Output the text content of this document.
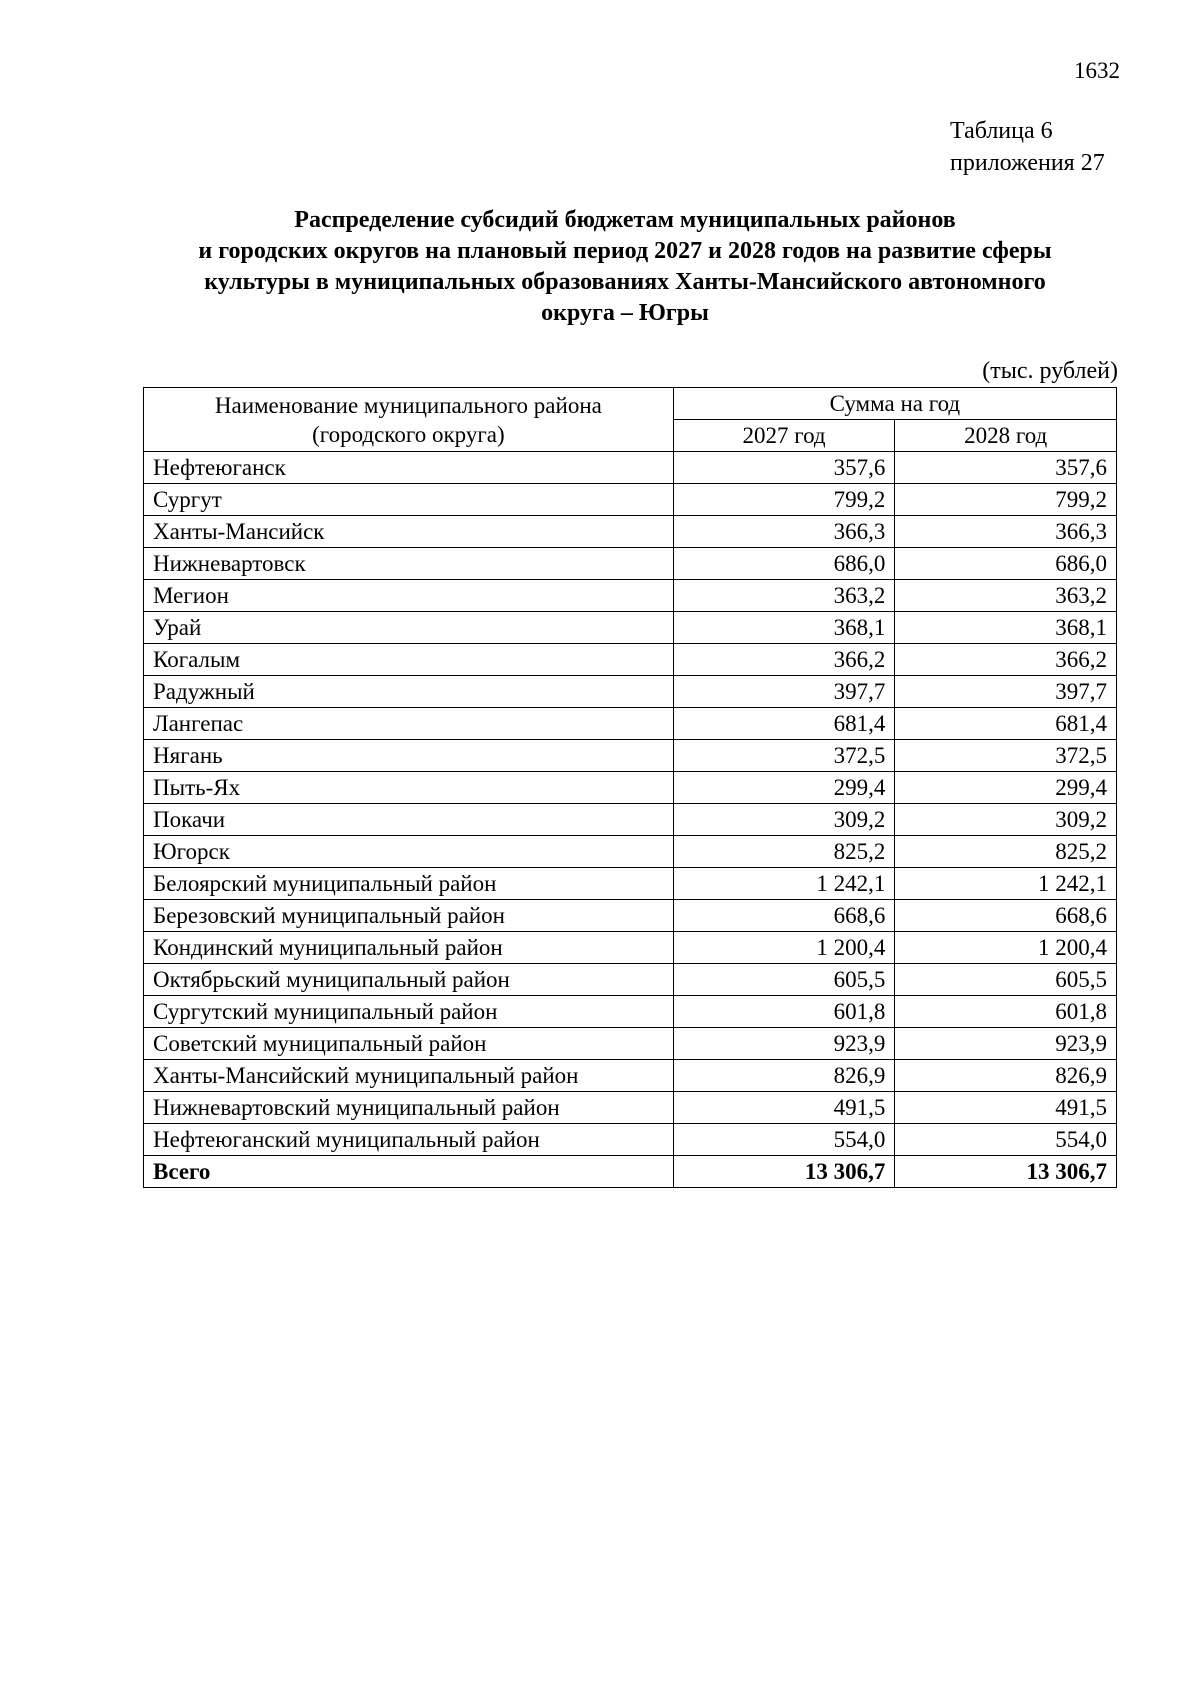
1632
Таблица 6
приложения 27
Распределение субсидий бюджетам муниципальных районов
и городских округов на плановый период 2027 и 2028 годов на развитие сферы
культуры в муниципальных образованиях Ханты-Мансийского автономного
округа – Югры
(тыс. рублей)
Наименование муниципального района
(городского округа)	Сумма на год	
	2027 год	2028 год
Нефтеюганск	357,6	357,6
Сургут	799,2	799,2
Ханты-Мансийск	366,3	366,3
Нижневартовск	686,0	686,0
Мегион	363,2	363,2
Урай	368,1	368,1
Когалым	366,2	366,2
Радужный	397,7	397,7
Лангепас	681,4	681,4
Нягань	372,5	372,5
Пыть-Ях	299,4	299,4
Покачи	309,2	309,2
Югорск	825,2	825,2
Белоярский муниципальный район	1 242,1	1 242,1
Березовский муниципальный район	668,6	668,6
Кондинский муниципальный район	1 200,4	1 200,4
Октябрьский муниципальный район	605,5	605,5
Сургутский муниципальный район	601,8	601,8
Советский муниципальный район	923,9	923,9
Ханты-Мансийский муниципальный район	826,9	826,9
Нижневартовский муниципальный район	491,5	491,5
Нефтеюганский муниципальный район	554,0	554,0
Всего	13 306,7	13 306,7
